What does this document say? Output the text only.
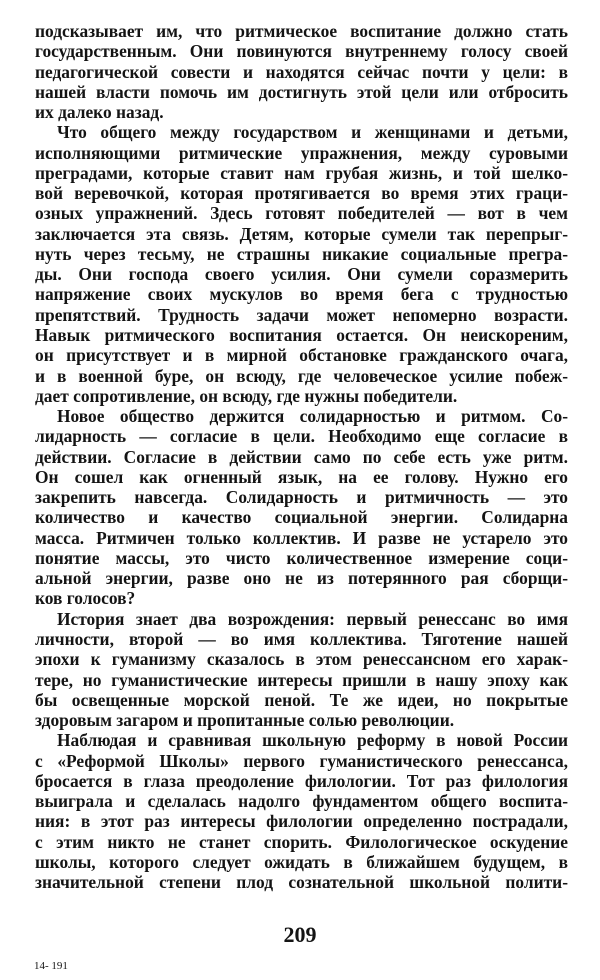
подсказывает им, что ритмическое воспитание должно стать
государственным. Они повинуются внутреннему голосу своей
педагогической совести и находятся сейчас почти у цели: в
нашей власти помочь им достигнуть этой цели или отбросить
их далеко назад.
Что общего между государством и женщинами и детьми,
исполняющими ритмические упражнения, между суровыми
преградами, которые ставит нам грубая жизнь, и той шелко-
вой веревочкой, которая протягивается во время этих граци-
озных упражнений. Здесь готовят победителей — вот в чем
заключается эта связь. Детям, которые сумели так перепрыг-
нуть через тесьму, не страшны никакие социальные прегра-
ды. Они господа своего усилия. Они сумели соразмерить
напряжение своих мускулов во время бега с трудностью
препятствий. Трудность задачи может непомерно возрасти.
Навык ритмического воспитания остается. Он неискореним,
он присутствует и в мирной обстановке гражданского очага,
и в военной буре, он всюду, где человеческое усилие побеж-
дает сопротивление, он всюду, где нужны победители.
Новое общество держится солидарностью и ритмом. Со-
лидарность — согласие в цели. Необходимо еще согласие в
действии. Согласие в действии само по себе есть уже ритм.
Он сошел как огненный язык, на ее голову. Нужно его
закрепить навсегда. Солидарность и ритмичность — это
количество и качество социальной энергии. Солидарна
масса. Ритмичен только коллектив. И разве не устарело это
понятие массы, это чисто количественное измерение соци-
альной энергии, разве оно не из потерянного рая сборщи-
ков голосов?
История знает два возрождения: первый ренессанс во имя
личности, второй — во имя коллектива. Тяготение нашей
эпохи к гуманизму сказалось в этом ренессансном его харак-
тере, но гуманистические интересы пришли в нашу эпоху как
бы освещенные морской пеной. Те же идеи, но покрытые
здоровым загаром и пропитанные солью революции.
Наблюдая и сравнивая школьную реформу в новой России
с «Реформой Школы» первого гуманистического ренессанса,
бросается в глаза преодоление филологии. Тот раз филология
выиграла и сделалась надолго фундаментом общего воспита-
ния: в этот раз интересы филологии определенно пострадали,
с этим никто не станет спорить. Филологическое оскудение
школы, которого следует ожидать в ближайшем будущем, в
значительной степени плод сознательной школьной полити-
209
14- 191
